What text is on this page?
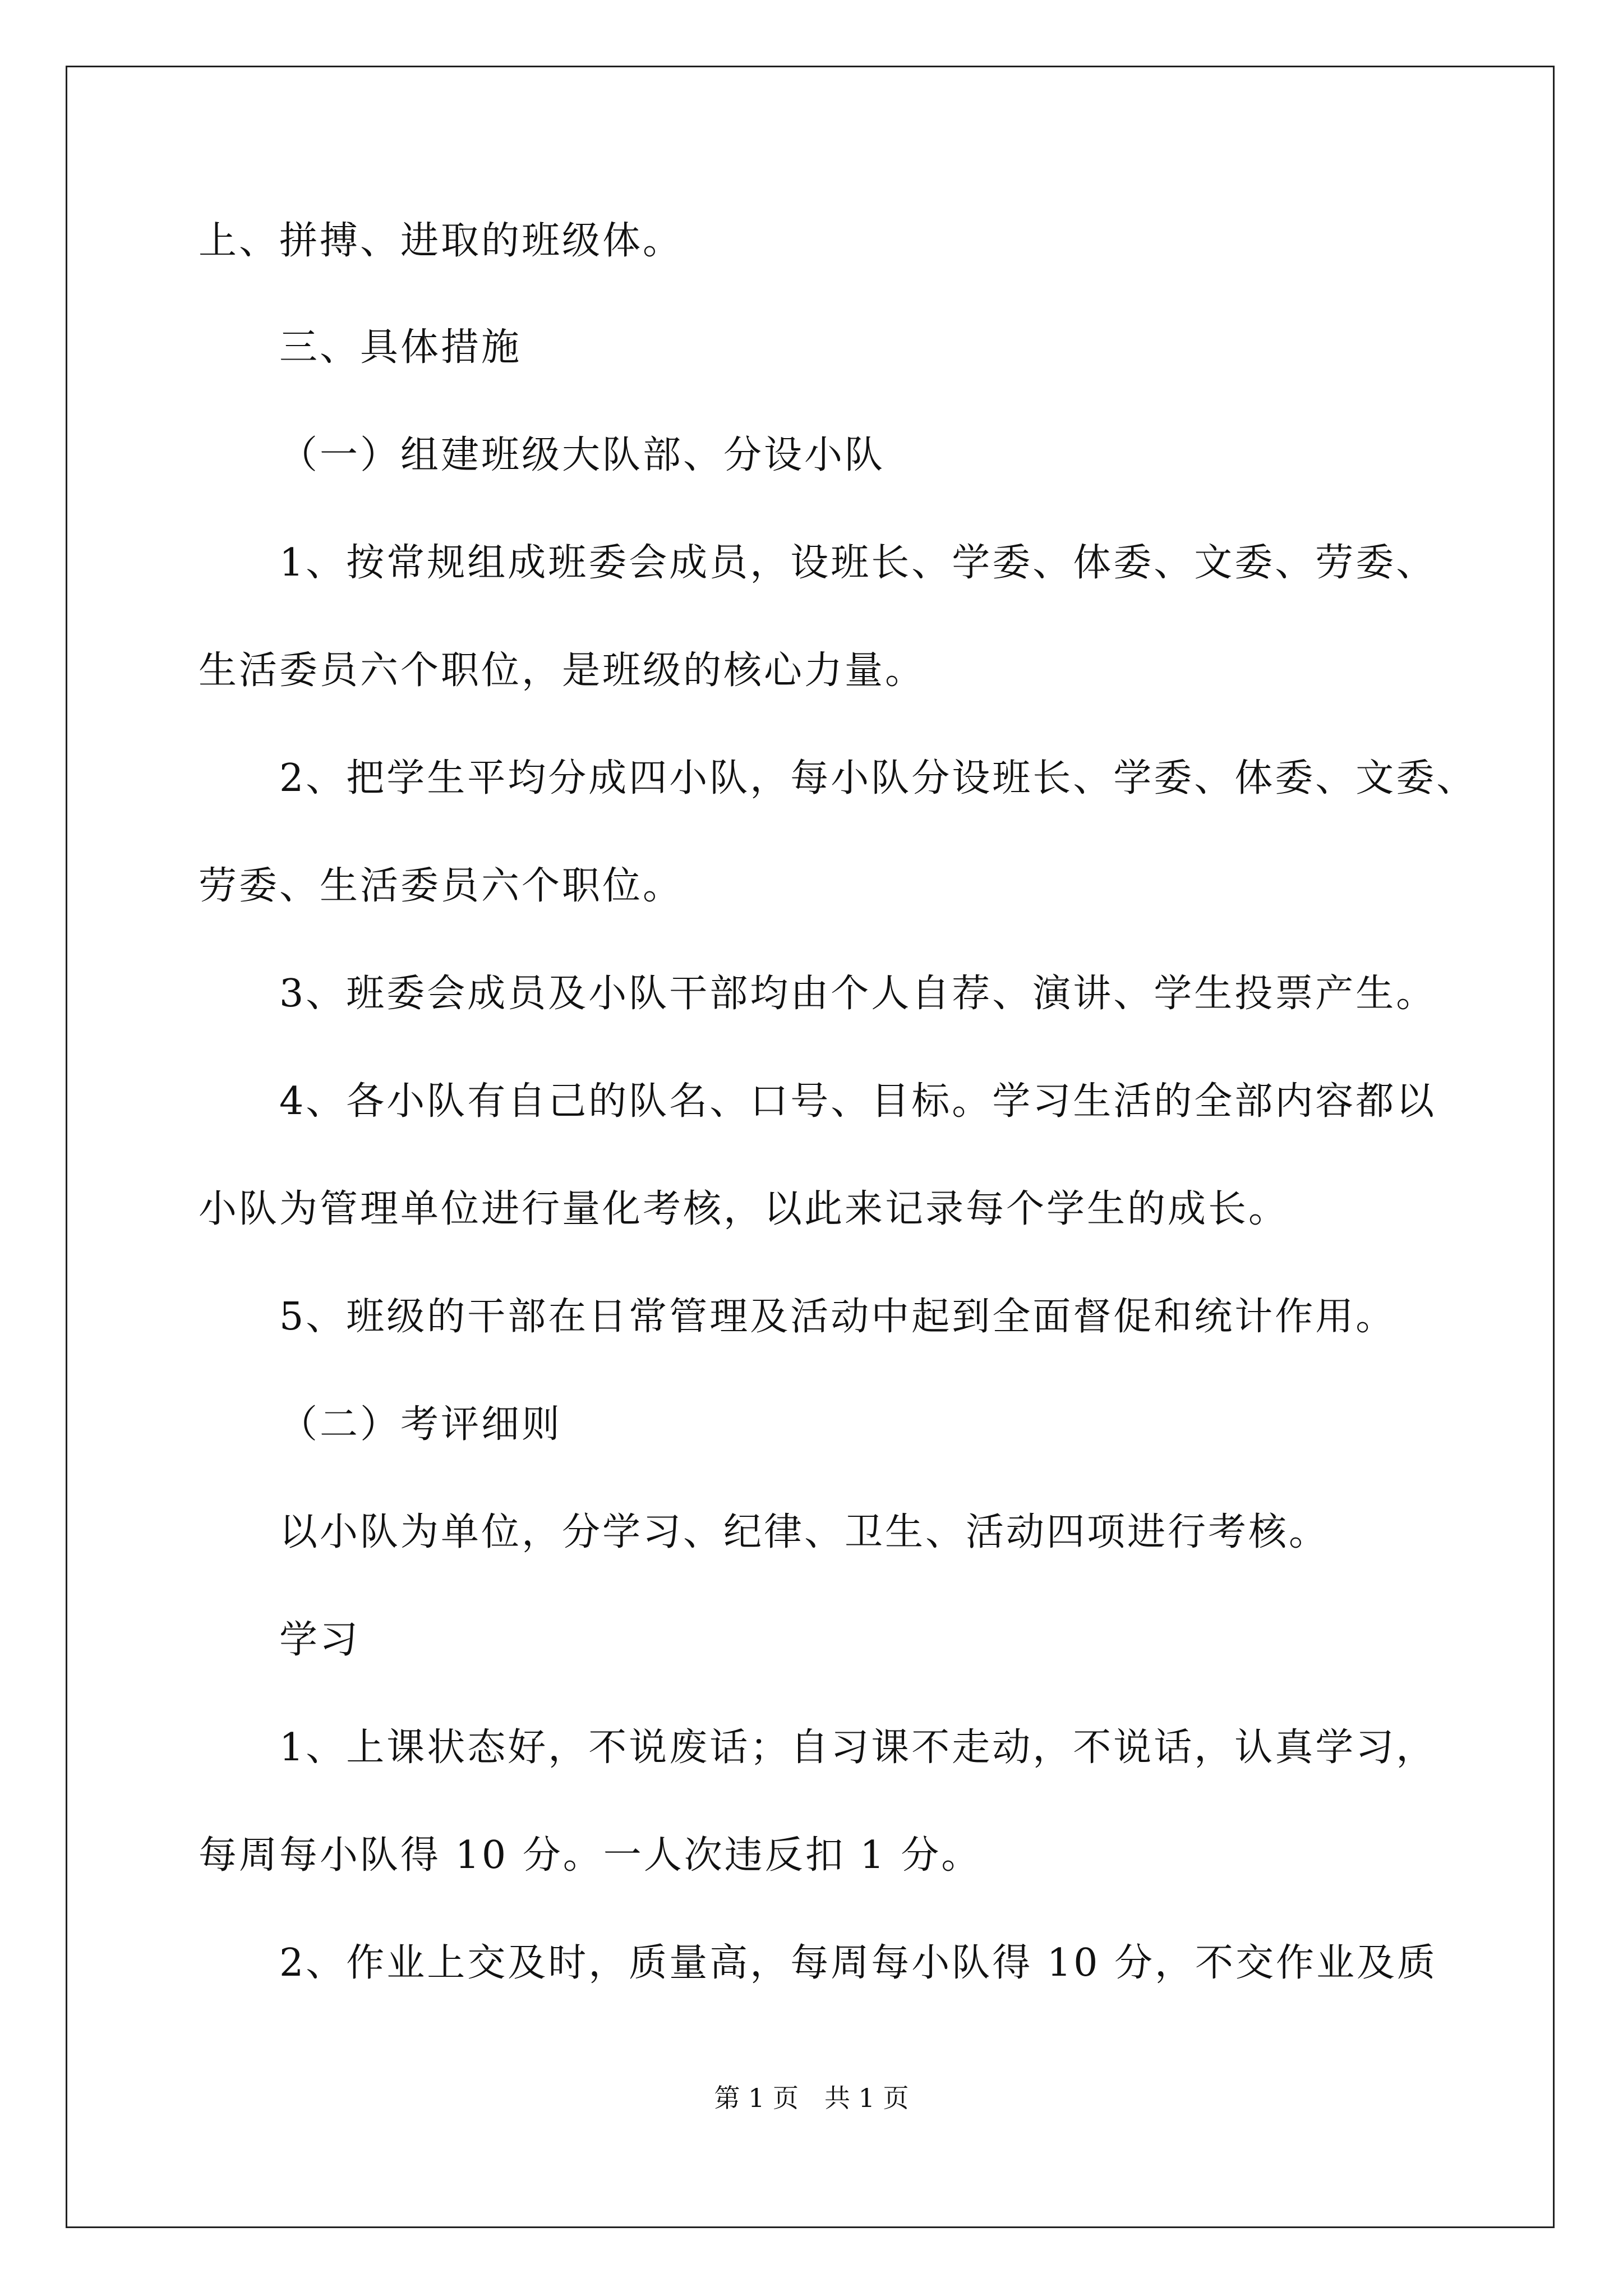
上、拼搏、进取的班级体。
三、具体措施
（一）组建班级大队部、分设小队
1、按常规组成班委会成员，设班长、学委、体委、文委、劳委、
生活委员六个职位，是班级的核心力量。
2、把学生平均分成四小队，每小队分设班长、学委、体委、文委、
劳委、生活委员六个职位。
3、班委会成员及小队干部均由个人自荐、演讲、学生投票产生。
4、各小队有自己的队名、口号、目标。学习生活的全部内容都以
小队为管理单位进行量化考核，以此来记录每个学生的成长。
5、班级的干部在日常管理及活动中起到全面督促和统计作用。
（二）考评细则
以小队为单位，分学习、纪律、卫生、活动四项进行考核。
学习
1、上课状态好，不说废话；自习课不走动，不说话，认真学习，
每周每小队得 10 分。一人次违反扣 1 分。
2、作业上交及时，质量高，每周每小队得 10 分，不交作业及质
第 1 页　共 1 页
